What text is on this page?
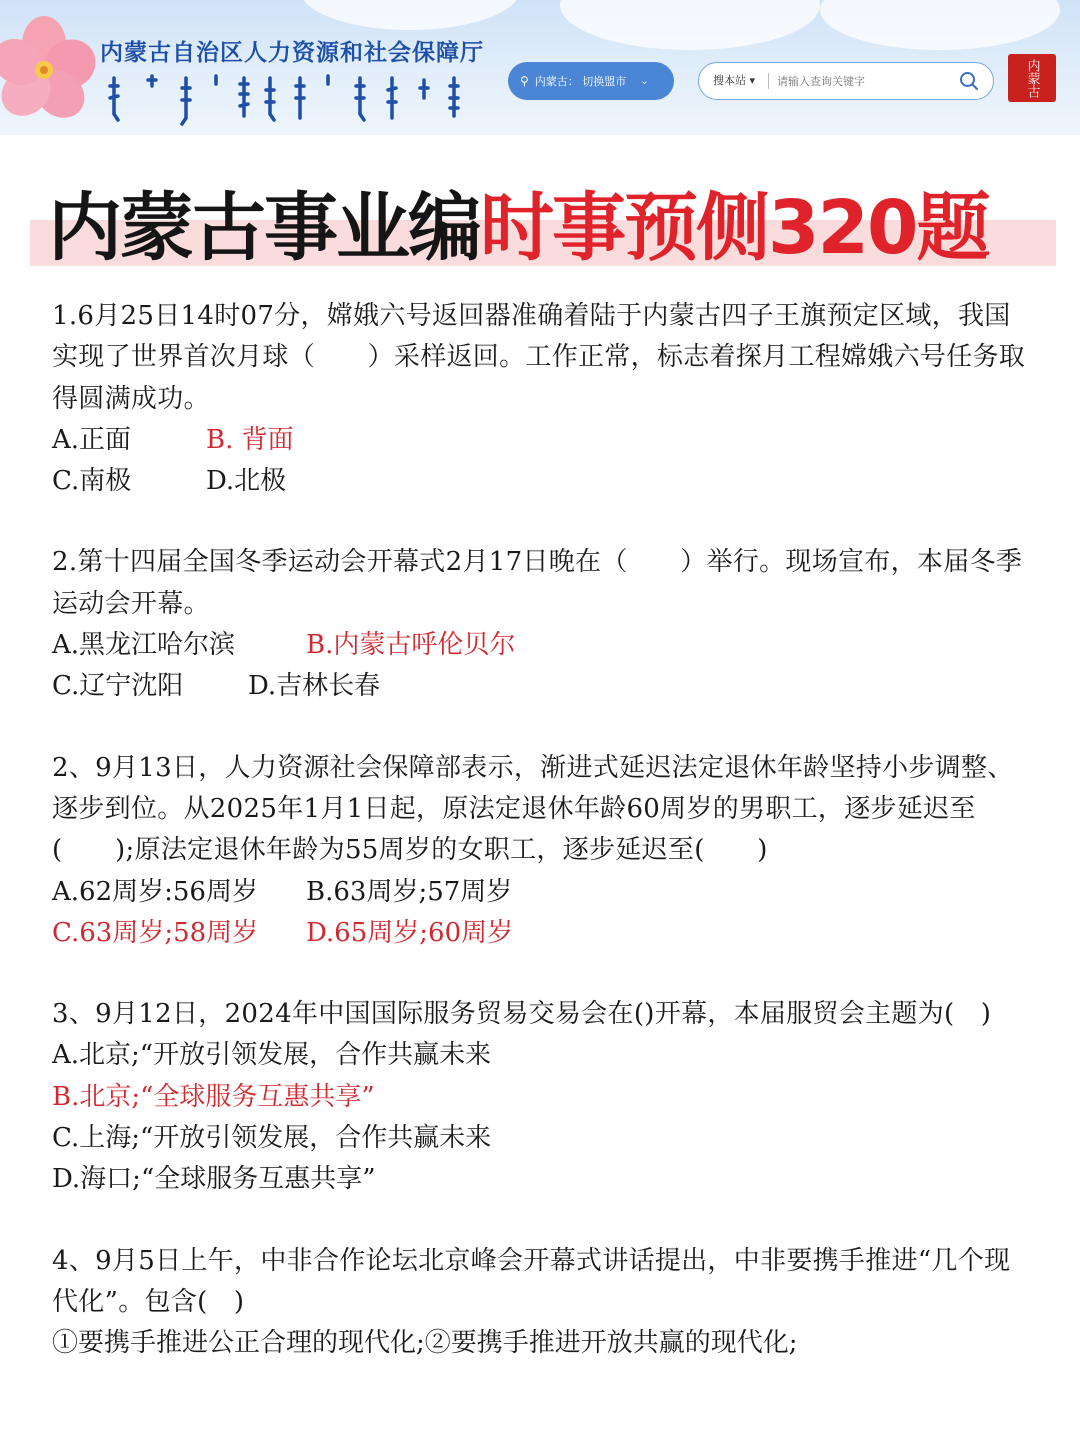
内蒙古自治区人力资源和社会保障厅
⚲ 内蒙古： 切换盟市 ⌄	搜本站 ▾
请输入查询关键字	内蒙古
内蒙古事业编时事预侧320题

1.6月25日14时07分，嫦娥六号返回器准确着陆于内蒙古四子王旗预定区域，我国实现了世界首次月球（　　）采样返回。工作正常，标志着探月工程嫦娥六号任务取得圆满成功。

A.正面	B. 背面
C.南极	D.北极

2.第十四届全国冬季运动会开幕式2月17日晚在（　　）举行。现场宣布，本届冬季运动会开幕。

A.黑龙江哈尔滨	B.内蒙古呼伦贝尔
C.辽宁沈阳	D.吉林长春

2、9月13日，人力资源社会保障部表示，渐进式延迟法定退休年龄坚持小步调整、逐步到位。从2025年1月1日起，原法定退休年龄60周岁的男职工，逐步延迟至(　　);原法定退休年龄为55周岁的女职工，逐步延迟至(　　)

A.62周岁:56周岁	B.63周岁;57周岁
C.63周岁;58周岁	D.65周岁;60周岁

3、9月12日，2024年中国国际服务贸易交易会在()开幕，本届服贸会主题为(　)

A.北京;“开放引领发展，合作共赢未来
B.北京;“全球服务互惠共享”
C.上海;“开放引领发展，合作共赢未来
D.海口;“全球服务互惠共享”

4、9月5日上午，中非合作论坛北京峰会开幕式讲话提出，中非要携手推进“几个现代化”。包含(　)

①要携手推进公正合理的现代化;②要携手推进开放共赢的现代化;
